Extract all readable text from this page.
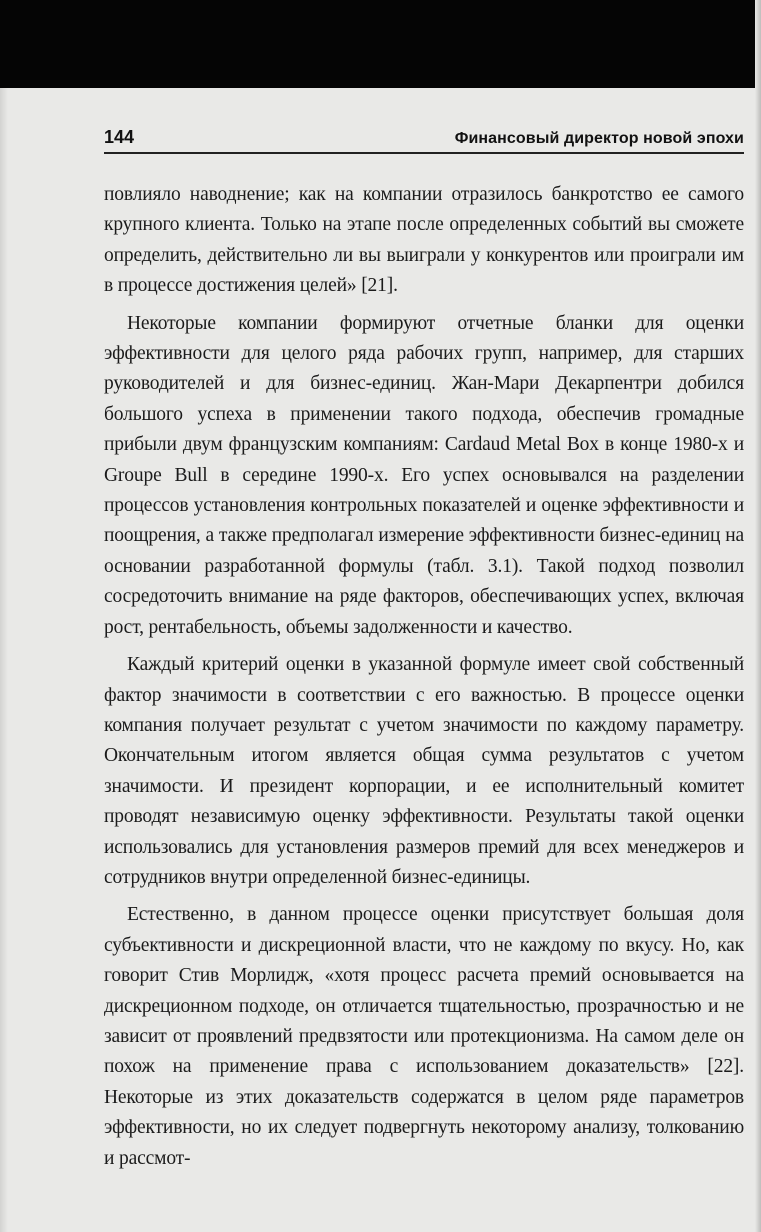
144	Финансовый директор новой эпохи

повлияло наводнение; как на компании отразилось банкротство ее самого крупного клиента. Только на этапе после определенных событий вы сможете определить, действительно ли вы выиграли у конкурентов или проиграли им в процессе достижения целей» [21].

Некоторые компании формируют отчетные бланки для оценки эффективности для целого ряда рабочих групп, например, для старших руководителей и для бизнес-единиц. Жан-Мари Декарпентри добился большого успеха в применении такого подхода, обеспечив громадные прибыли двум французским компаниям: Cardaud Metal Box в конце 1980-х и Groupe Bull в середине 1990-х. Его успех основывался на разделении процессов установления контрольных показателей и оценке эффективности и поощрения, а также предполагал измерение эффективности бизнес-единиц на основании разработанной формулы (табл. 3.1). Такой подход позволил сосредоточить внимание на ряде факторов, обеспечивающих успех, включая рост, рентабельность, объемы задолженности и качество.

Каждый критерий оценки в указанной формуле имеет свой собственный фактор значимости в соответствии с его важностью. В процессе оценки компания получает результат с учетом значимости по каждому параметру. Окончательным итогом является общая сумма результатов с учетом значимости. И президент корпорации, и ее исполнительный комитет проводят независимую оценку эффективности. Результаты такой оценки использовались для установления размеров премий для всех менеджеров и сотрудников внутри определенной бизнес-единицы.

Естественно, в данном процессе оценки присутствует большая доля субъективности и дискреционной власти, что не каждому по вкусу. Но, как говорит Стив Морлидж, «хотя процесс расчета премий основывается на дискреционном подходе, он отличается тщательностью, прозрачностью и не зависит от проявлений предвзятости или протекционизма. На самом деле он похож на применение права с использованием доказательств» [22]. Некоторые из этих доказательств содержатся в целом ряде параметров эффективности, но их следует подвергнуть некоторому анализу, толкованию и рассмот-
